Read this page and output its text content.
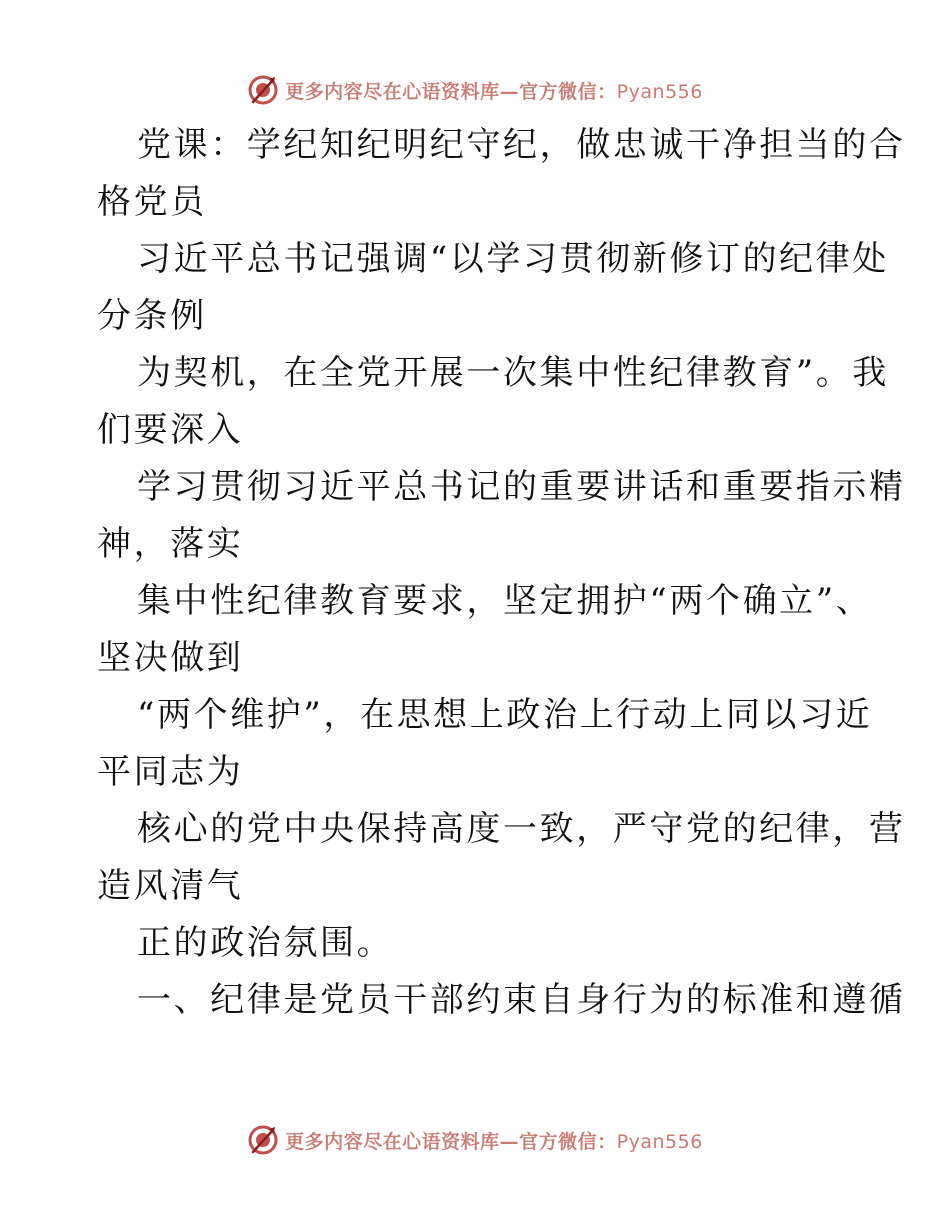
更多内容尽在心语资料库—官方微信：Pyan556
党课：学纪知纪明纪守纪，做忠诚干净担当的合
格党员
习近平总书记强调“以学习贯彻新修订的纪律处
分条例
为契机，在全党开展一次集中性纪律教育”。我
们要深入
学习贯彻习近平总书记的重要讲话和重要指示精
神，落实
集中性纪律教育要求，坚定拥护“两个确立”、
坚决做到
“两个维护”，在思想上政治上行动上同以习近
平同志为
核心的党中央保持高度一致，严守党的纪律，营
造风清气
正的政治氛围。
一、纪律是党员干部约束自身行为的标准和遵循
更多内容尽在心语资料库—官方微信：Pyan556
